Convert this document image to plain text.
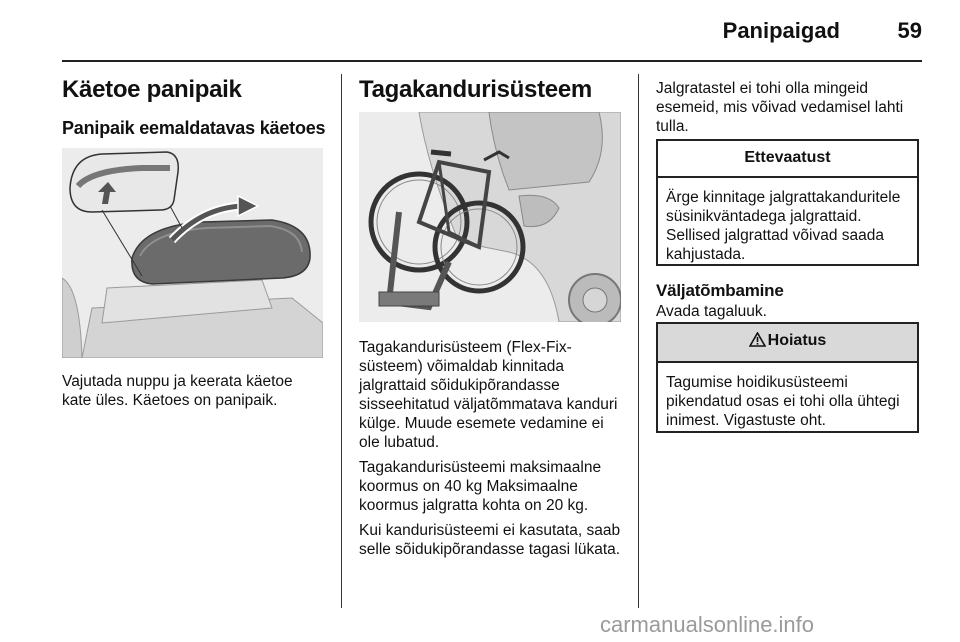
Panipaigad	59
Käetoe panipaik
Panipaik eemaldatavas käetoes

Vajutada nuppu ja keerata käetoe kate üles. Käetoes on panipaik.

Tagakandurisüsteem

Tagakandurisüsteem (Flex-Fix-süsteem) võimaldab kinnitada jalgrattaid sõidukipõrandasse sisseehitatud väljatõmmatava kanduri külge. Muude esemete vedamine ei ole lubatud.

Tagakandurisüsteemi maksimaalne koormus on 40 kg Maksimaalne koormus jalgratta kohta on 20 kg.

Kui kandurisüsteemi ei kasutata, saab selle sõidukipõrandasse tagasi lükata.

Jalgratastel ei tohi olla mingeid esemeid, mis võivad vedamisel lahti tulla.

Ettevaatust
Ärge kinnitage jalgrattakanduritele süsinikväntadega jalgrattaid. Sellised jalgrattad võivad saada kahjustada.
Väljatõmbamine

Avada tagaluuk.

Hoiatus
Tagumise hoidikusüsteemi pikendatud osas ei tohi olla ühtegi inimest. Vigastuste oht.
carmanualsonline.info
